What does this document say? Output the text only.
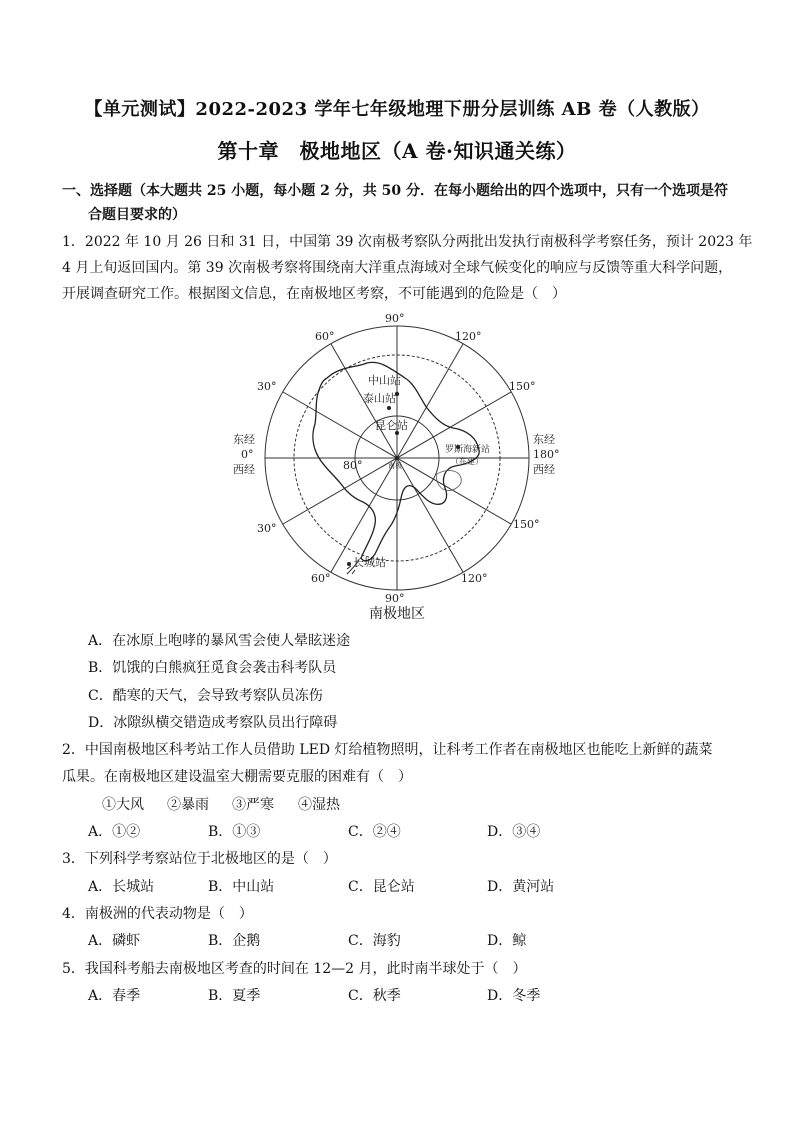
【单元测试】2022-2023 学年七年级地理下册分层训练 AB 卷（人教版）
第十章　极地地区（A 卷·知识通关练）
一、选择题（本大题共 25 小题，每小题 2 分，共 50 分．在每小题给出的四个选项中，只有一个选项是符
合题目要求的）
1．2022 年 10 月 26 日和 31 日，中国第 39 次南极考察队分两批出发执行南极科学考察任务，预计 2023 年
4 月上旬返回国内。第 39 次南极考察将围绕南大洋重点海域对全球气候变化的响应与反馈等重大科学问题，
开展调查研究工作。根据图文信息，在南极地区考察，不可能遇到的危险是（　）
90°
90°
60°	120°
30°	150°
30°	150°
60°	120°
东经
0°
西经
东经
180°
西经
80°	南极
中山站
泰山站
昆仑站
罗斯海新站
（在建）
长城站
南极地区
A．在冰原上咆哮的暴风雪会使人晕眩迷途
B．饥饿的白熊疯狂觅食会袭击科考队员
C．酷寒的天气，会导致考察队员冻伤
D．冰隙纵横交错造成考察队员出行障碍
2．中国南极地区科考站工作人员借助 LED 灯给植物照明，让科考工作者在南极地区也能吃上新鲜的蔬菜
瓜果。在南极地区建设温室大棚需要克服的困难有（　）
①大风 ②暴雨 ③严寒 ④湿热
A．①②	B．①③	C．②④	D．③④
3．下列科学考察站位于北极地区的是（　）
A．长城站	B．中山站	C．昆仑站	D．黄河站
4．南极洲的代表动物是（　）
A．磷虾	B．企鹅	C．海豹	D．鲸
5．我国科考船去南极地区考查的时间在 12—2 月，此时南半球处于（　）
A．春季	B．夏季	C．秋季	D．冬季
